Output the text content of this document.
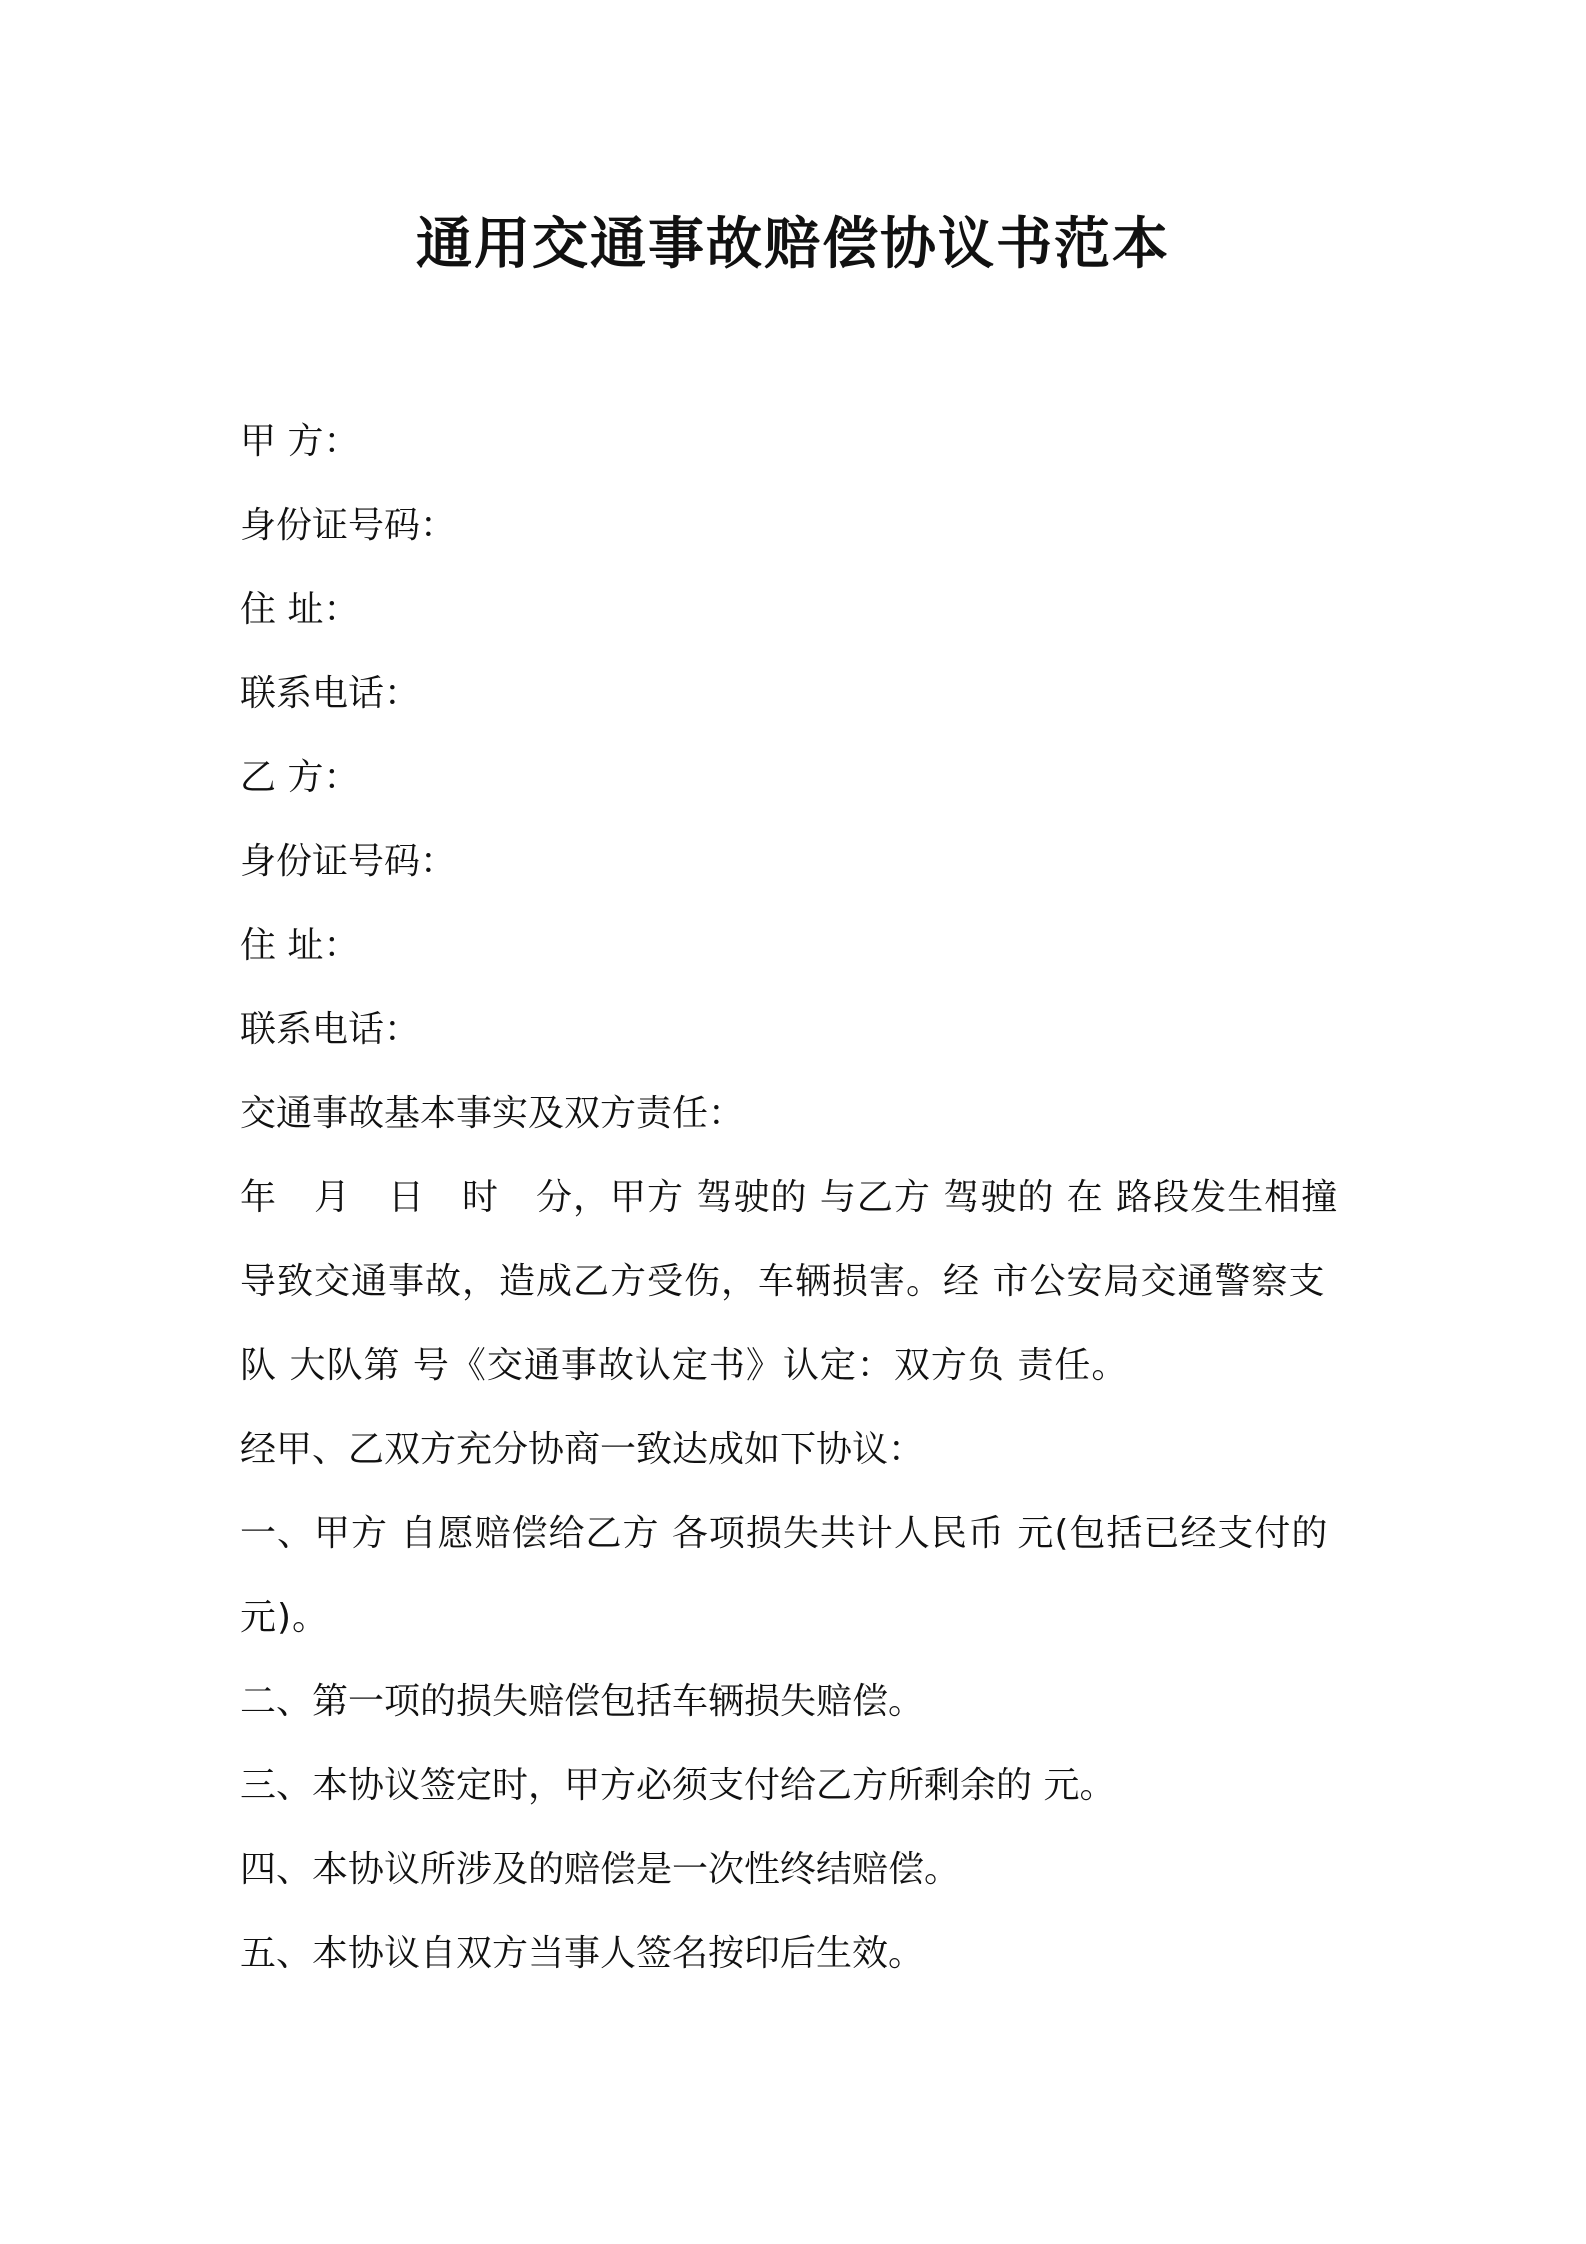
通用交通事故赔偿协议书范本

甲 方：

身份证号码：

住 址：

联系电话：

乙 方：

身份证号码：

住 址：

联系电话：

交通事故基本事实及双方责任：

年　月　日　时　分，甲方 驾驶的 与乙方 驾驶的 在 路段发生相撞导致交通事故，造成乙方受伤，车辆损害。经 市公安局交通警察支队 大队第 号《交通事故认定书》认定：双方负 责任。

经甲、乙双方充分协商一致达成如下协议：

一、甲方 自愿赔偿给乙方 各项损失共计人民币 元(包括已经支付的 元)。

二、第一项的损失赔偿包括车辆损失赔偿。

三、本协议签定时，甲方必须支付给乙方所剩余的 元。

四、本协议所涉及的赔偿是一次性终结赔偿。

五、本协议自双方当事人签名按印后生效。
